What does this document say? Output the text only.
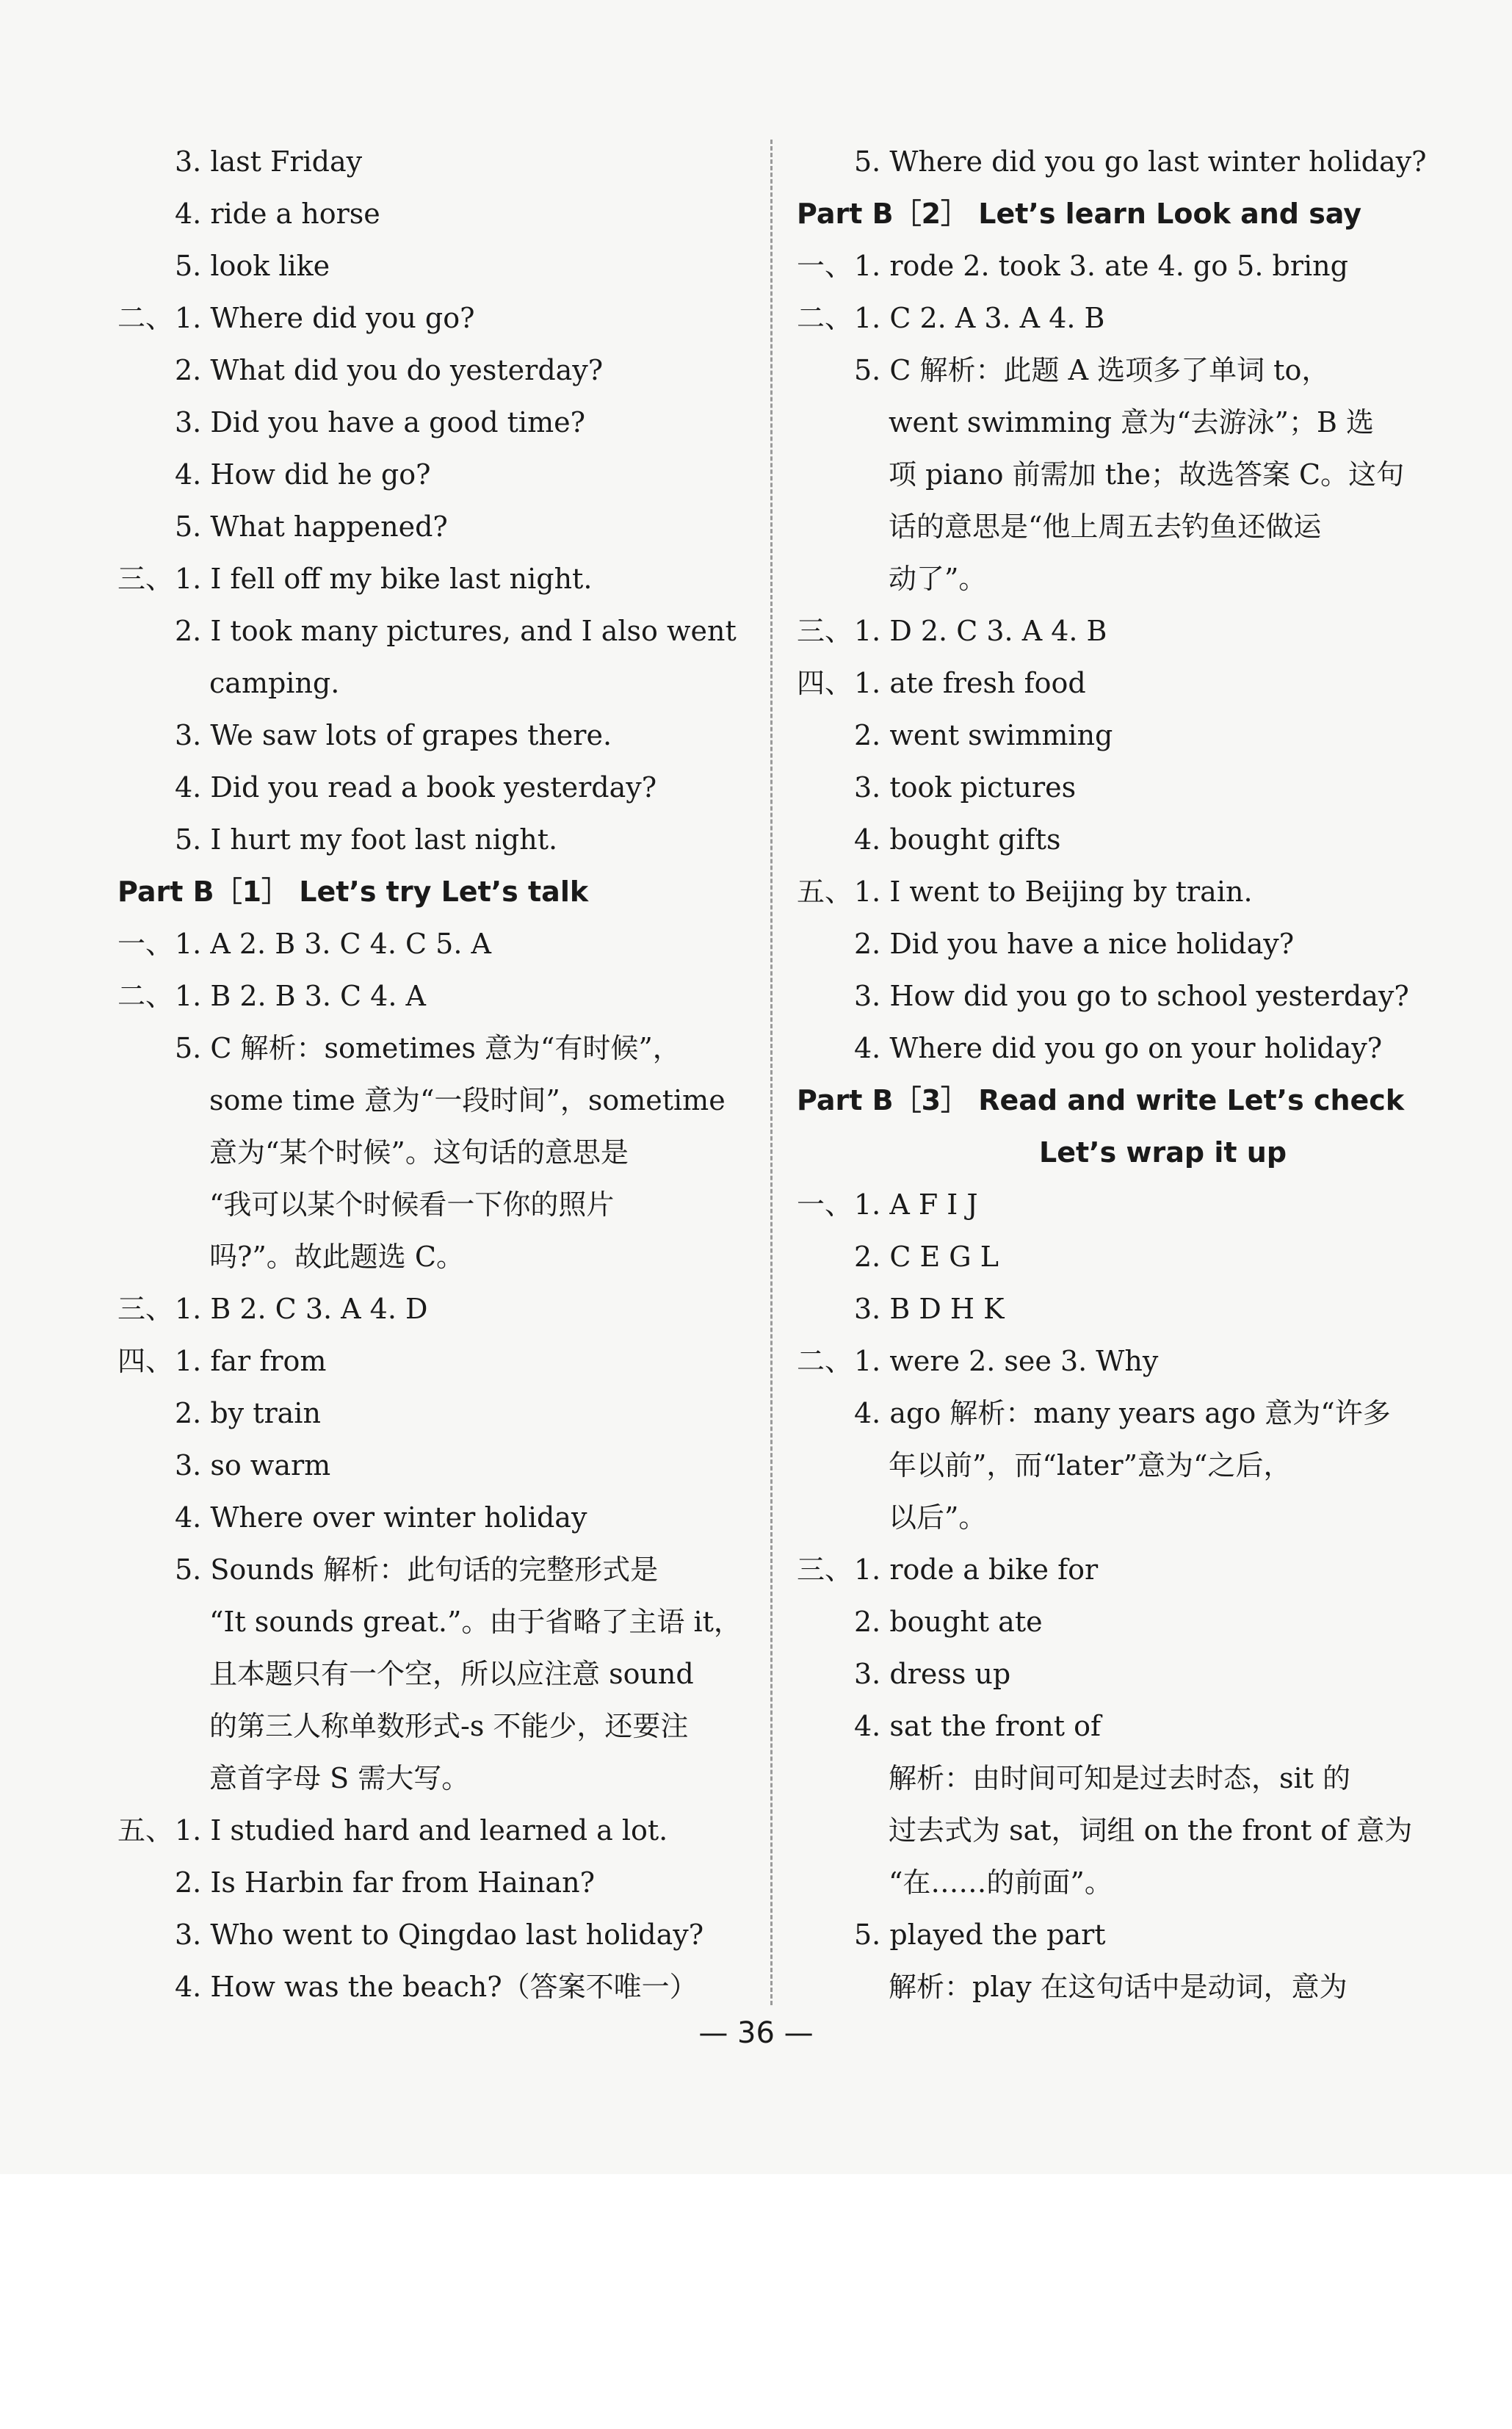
3. last Friday
4. ride a horse
5. look like
二、 1. Where did you go?
2. What did you do yesterday?
3. Did you have a good time?
4. How did he go?
5. What happened?
三、 1. I fell off my bike last night.
2. I took many pictures, and I also went
camping.
3. We saw lots of grapes there.
4. Did you read a book yesterday?
5. I hurt my foot last night.
Part B［1］ Let’s try Let’s talk
一、 1. A 2. B 3. C 4. C 5. A
二、 1. B 2. B 3. C 4. A
5. C 解析：sometimes 意为“有时候”，
some time 意为“一段时间”，sometime
意为“某个时候”。这句话的意思是
“我可以某个时候看一下你的照片
吗?”。故此题选 C。
三、 1. B 2. C 3. A 4. D
四、 1. far from
2. by train
3. so warm
4. Where over winter holiday
5. Sounds 解析：此句话的完整形式是
“It sounds great.”。由于省略了主语 it，
且本题只有一个空，所以应注意 sound
的第三人称单数形式-s 不能少，还要注
意首字母 S 需大写。
五、 1. I studied hard and learned a lot.
2. Is Harbin far from Hainan?
3. Who went to Qingdao last holiday?
4. How was the beach?（答案不唯一）
5. Where did you go last winter holiday?
Part B［2］ Let’s learn Look and say
一、 1. rode 2. took 3. ate 4. go 5. bring
二、 1. C 2. A 3. A 4. B
5. C 解析：此题 A 选项多了单词 to，
went swimming 意为“去游泳”；B 选
项 piano 前需加 the；故选答案 C。这句
话的意思是“他上周五去钓鱼还做运
动了”。
三、 1. D 2. C 3. A 4. B
四、 1. ate fresh food
2. went swimming
3. took pictures
4. bought gifts
五、 1. I went to Beijing by train.
2. Did you have a nice holiday?
3. How did you go to school yesterday?
4. Where did you go on your holiday?
Part B［3］ Read and write Let’s check
Let’s wrap it up
一、 1. A F I J
2. C E G L
3. B D H K
二、 1. were 2. see 3. Why
4. ago 解析：many years ago 意为“许多
年以前”，而“later”意为“之后，
以后”。
三、 1. rode a bike for
2. bought ate
3. dress up
4. sat the front of
解析：由时间可知是过去时态，sit 的
过去式为 sat，词组 on the front of 意为
“在……的前面”。
5. played the part
解析：play 在这句话中是动词，意为
— 36 —
